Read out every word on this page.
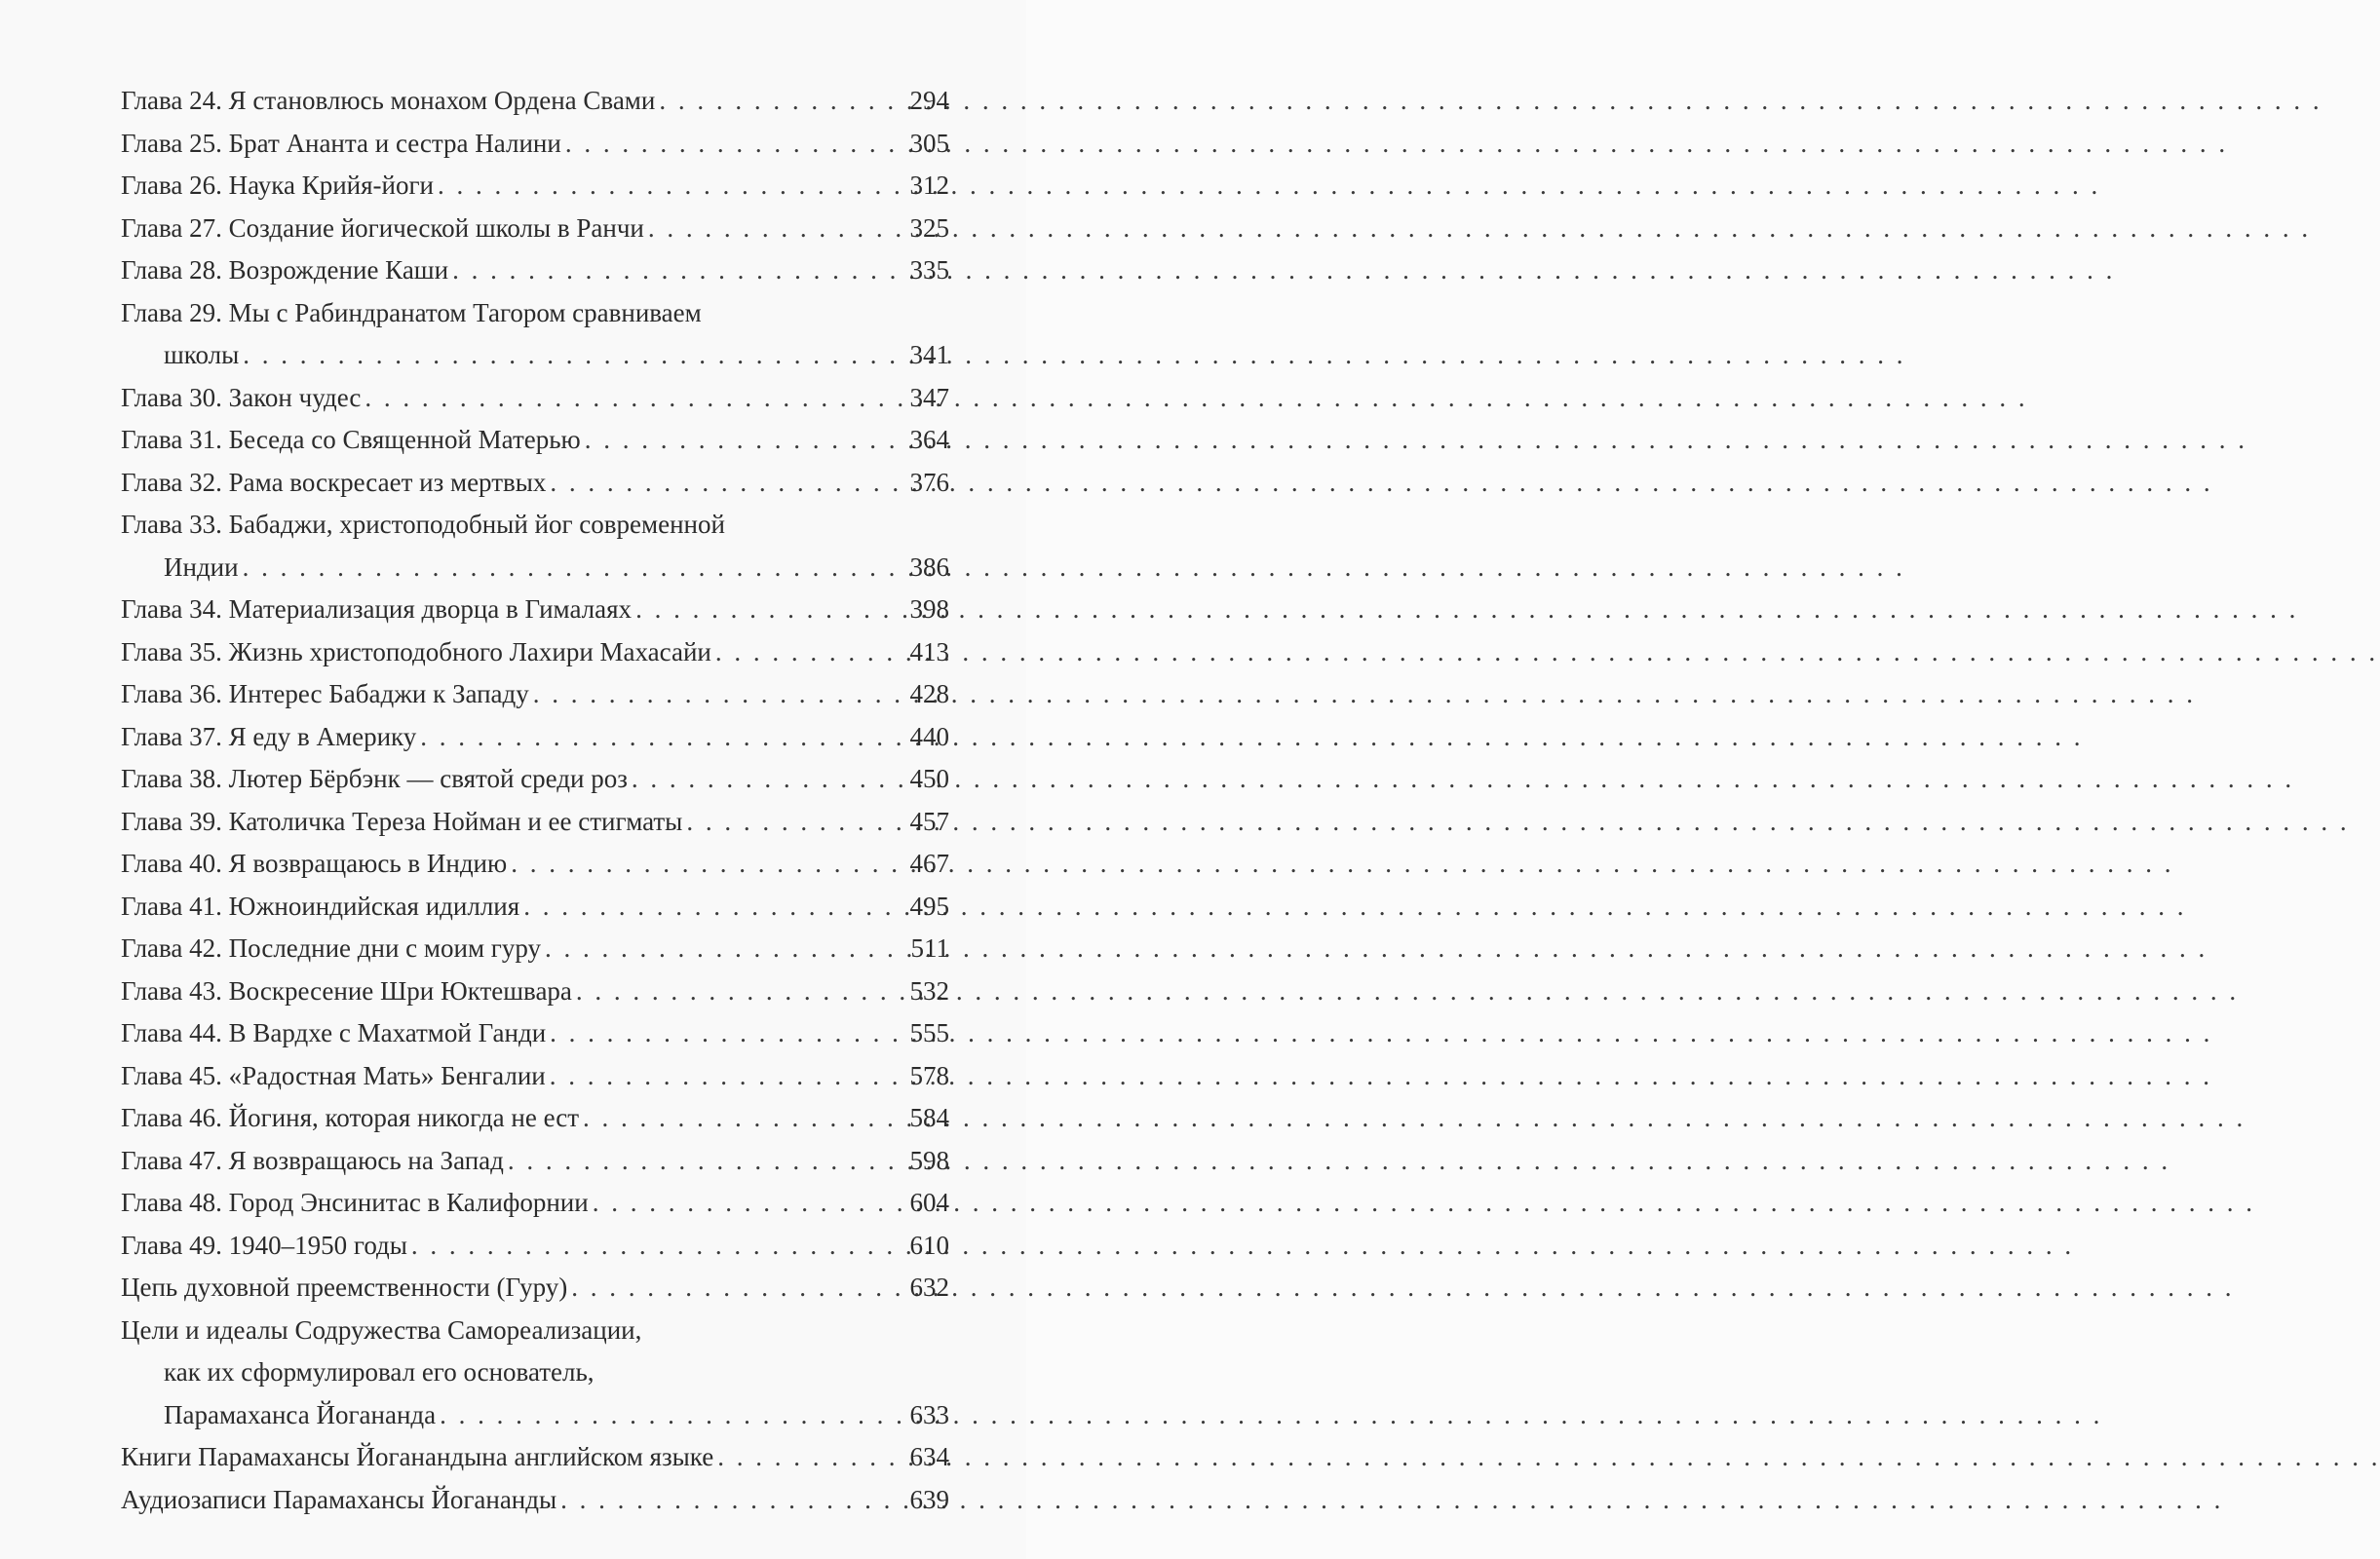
Глава 24. Я становлюсь монахом Ордена Свами . . .	294
Глава 25. Брат Ананта и сестра Налини . . .	305
Глава 26. Наука Крийя-йоги . . .	312
Глава 27. Создание йогической школы в Ранчи . . .	325
Глава 28. Возрождение Каши . . .	335
Глава 29. Мы с Рабиндранатом Тагором сравниваем
школы . . .	341
Глава 30. Закон чудес . . .	347
Глава 31. Беседа со Священной Матерью . . .	364
Глава 32. Рама воскресает из мертвых . . .	376
Глава 33. Бабаджи, христоподобный йог современной
Индии . . .	386
Глава 34. Материализация дворца в Гималаях . . .	398
Глава 35. Жизнь христоподобного Лахири Махасайи . . .	413
Глава 36. Интерес Бабаджи к Западу . . .	428
Глава 37. Я еду в Америку . . .	440
Глава 38. Лютер Бёрбэнк — святой среди роз . . .	450
Глава 39. Католичка Тереза Нойман и ее стигматы . . .	457
Глава 40. Я возвращаюсь в Индию . . .	467
Глава 41. Южноиндийская идиллия . . .	495
Глава 42. Последние дни с моим гуру . . .	511
Глава 43. Воскресение Шри Юктешвара . . .	532
Глава 44. В Вардхе с Махатмой Ганди . . .	555
Глава 45. «Радостная Мать» Бенгалии . . .	578
Глава 46. Йогиня, которая никогда не ест . . .	584
Глава 47. Я возвращаюсь на Запад . . .	598
Глава 48. Город Энсинитас в Калифорнии . . .	604
Глава 49. 1940–1950 годы . . .	610
Цепь духовной преемственности (Гуру) . . .	632
Цели и идеалы Содружества Самореализации,
как их сформулировал его основатель,
Парамаханса Йогананда . . .	633
Книги Парамахансы Йоганандына английском языке . . .	634
Аудиозаписи Парамахансы Йогананды . . .	639
